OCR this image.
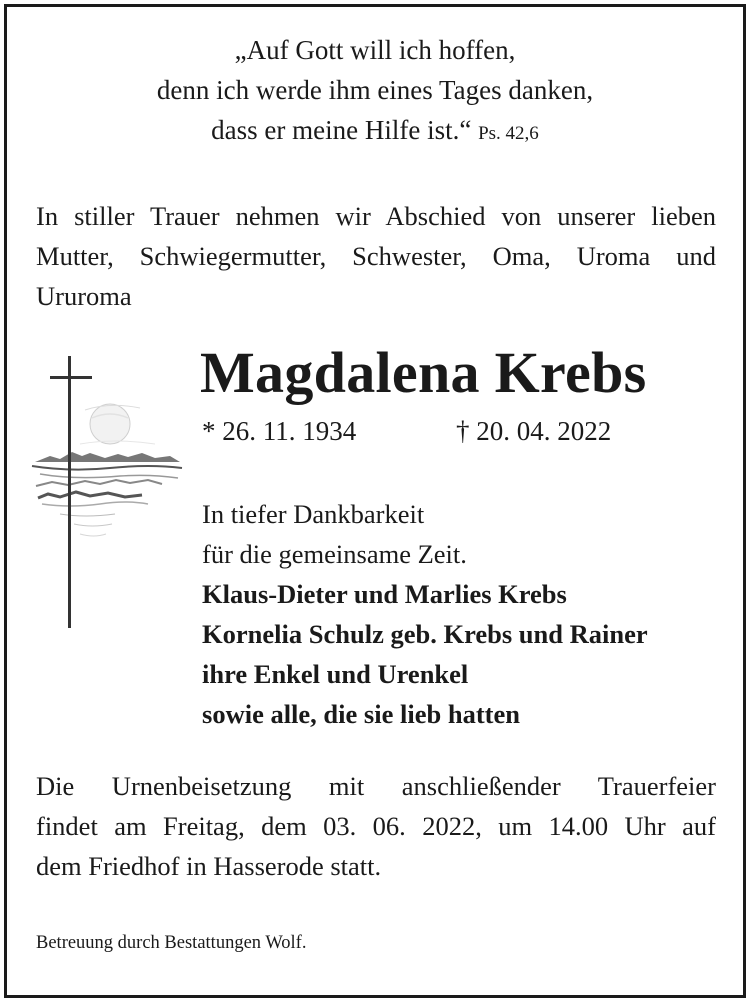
„Auf Gott will ich hoffen,
denn ich werde ihm eines Tages danken,
dass er meine Hilfe ist.“ Ps. 42,6
In stiller Trauer nehmen wir Abschied von unserer lieben Mutter, Schwiegermutter, Schwester, Oma, Uroma und Ururoma
Magdalena Krebs
* 26. 11. 1934	† 20. 04. 2022
In tiefer Dankbarkeit
für die gemeinsame Zeit.
Klaus-Dieter und Marlies Krebs
Kornelia Schulz geb. Krebs und Rainer
ihre Enkel und Urenkel
sowie alle, die sie lieb hatten
Die Urnenbeisetzung mit anschließender Trauerfeier
findet am Freitag, dem 03. 06. 2022, um 14.00 Uhr auf
dem Friedhof in Hasserode statt.
Betreuung durch Bestattungen Wolf.
